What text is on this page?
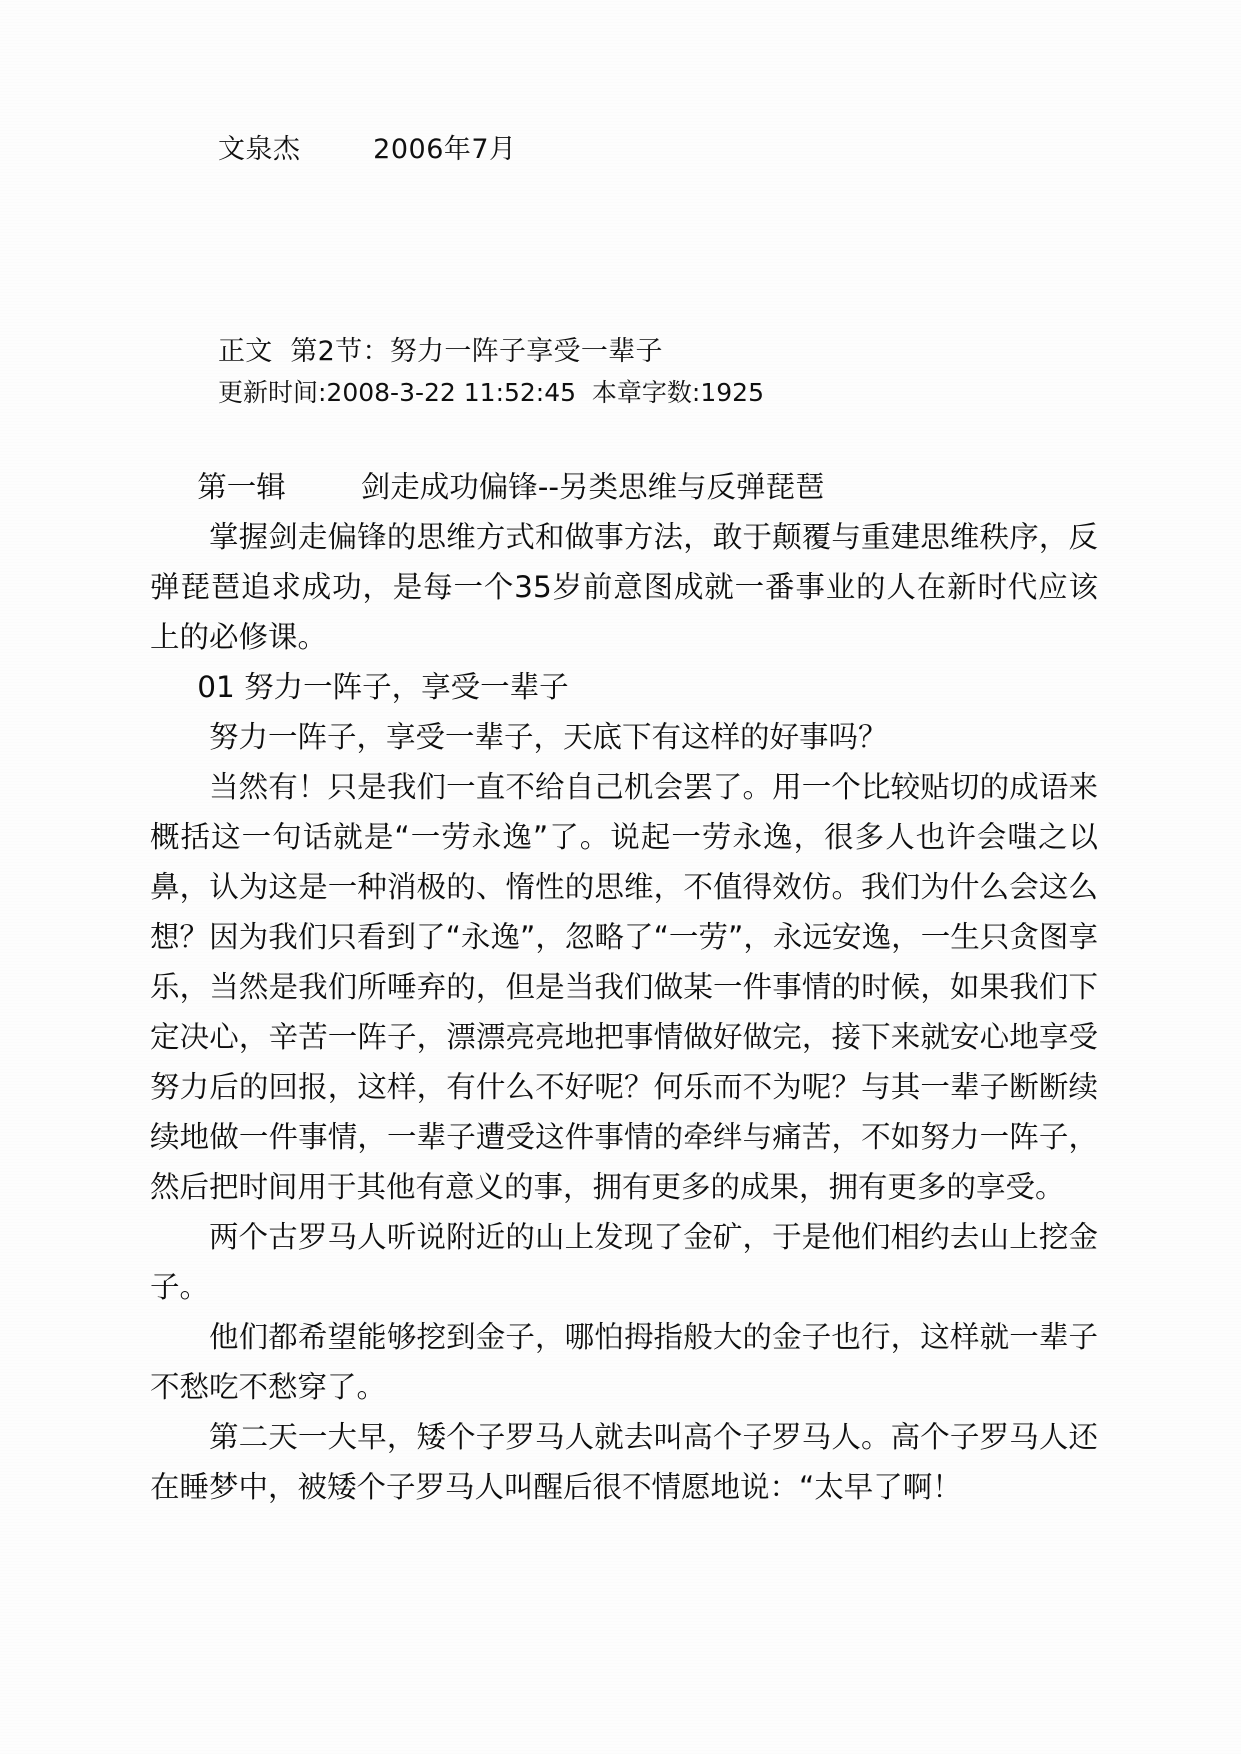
文泉杰        2006年7月
正文  第2节：努力一阵子享受一辈子
更新时间:2008-3-22 11:52:45  本章字数:1925

第一辑        剑走成功偏锋--另类思维与反弹琵琶

掌握剑走偏锋的思维方式和做事方法，敢于颠覆与重建思维秩序，反弹琵琶追求成功，是每一个35岁前意图成就一番事业的人在新时代应该上的必修课。

01 努力一阵子，享受一辈子

努力一阵子，享受一辈子，天底下有这样的好事吗？

当然有！只是我们一直不给自己机会罢了。用一个比较贴切的成语来概括这一句话就是“一劳永逸”了。说起一劳永逸，很多人也许会嗤之以鼻，认为这是一种消极的、惰性的思维，不值得效仿。我们为什么会这么想？因为我们只看到了“永逸”，忽略了“一劳”，永远安逸，一生只贪图享乐，当然是我们所唾弃的，但是当我们做某一件事情的时候，如果我们下定决心，辛苦一阵子，漂漂亮亮地把事情做好做完，接下来就安心地享受努力后的回报，这样，有什么不好呢？何乐而不为呢？与其一辈子断断续续地做一件事情，一辈子遭受这件事情的牵绊与痛苦，不如努力一阵子，然后把时间用于其他有意义的事，拥有更多的成果，拥有更多的享受。

两个古罗马人听说附近的山上发现了金矿，于是他们相约去山上挖金子。

他们都希望能够挖到金子，哪怕拇指般大的金子也行，这样就一辈子不愁吃不愁穿了。

第二天一大早，矮个子罗马人就去叫高个子罗马人。高个子罗马人还在睡梦中，被矮个子罗马人叫醒后很不情愿地说：“太早了啊！
